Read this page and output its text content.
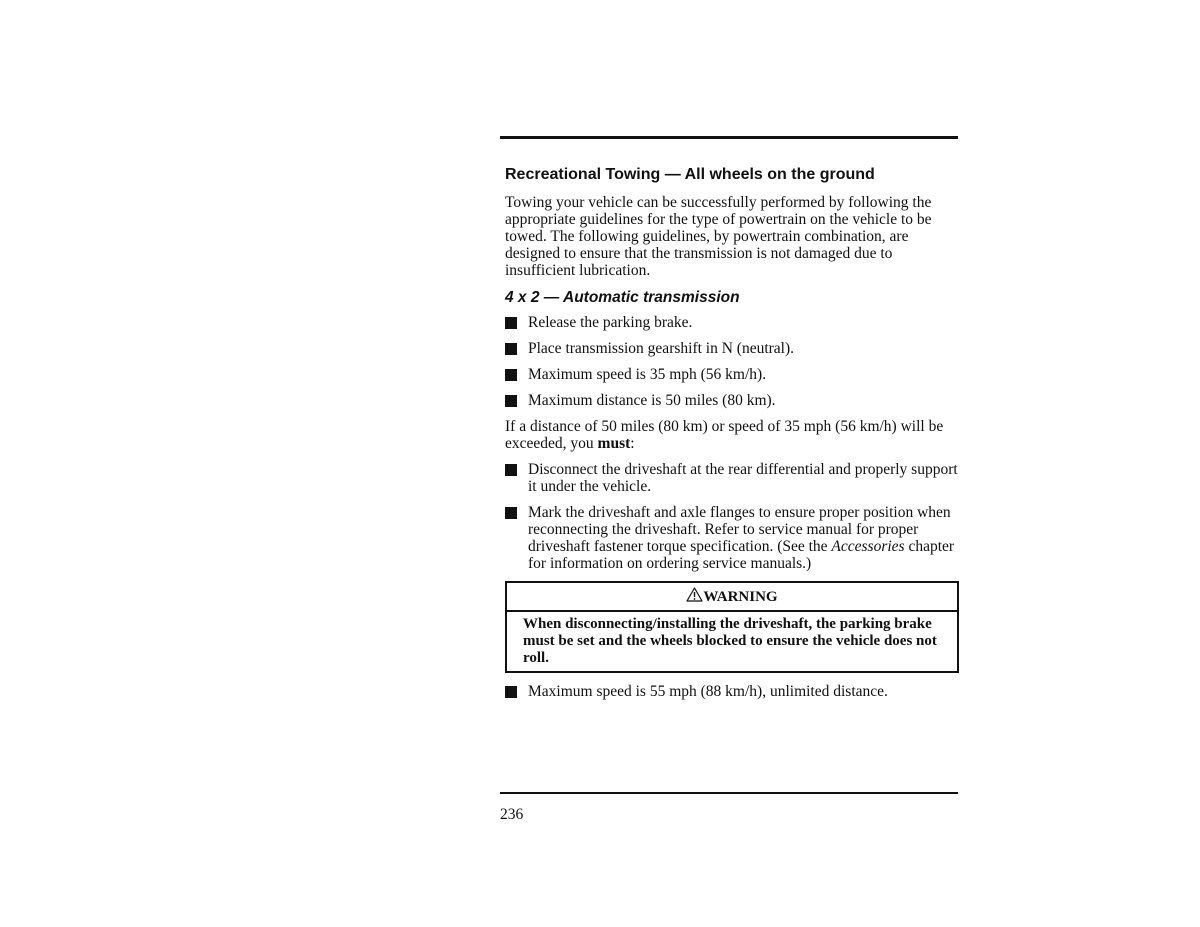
Recreational Towing — All wheels on the ground

Towing your vehicle can be successfully performed by following the appropriate guidelines for the type of powertrain on the vehicle to be towed. The following guidelines, by powertrain combination, are designed to ensure that the transmission is not damaged due to insufficient lubrication.

4 x 2 — Automatic transmission
Release the parking brake.
Place transmission gearshift in N (neutral).
Maximum speed is 35 mph (56 km/h).
Maximum distance is 50 miles (80 km).

If a distance of 50 miles (80 km) or speed of 35 mph (56 km/h) will be exceeded, you must:

Disconnect the driveshaft at the rear differential and properly support it under the vehicle.
Mark the driveshaft and axle flanges to ensure proper position when reconnecting the driveshaft. Refer to service manual for proper driveshaft fastener torque specification. (See the Accessories chapter for information on ordering service manuals.)
WARNING
When disconnecting/installing the driveshaft, the parking brake must be set and the wheels blocked to ensure the vehicle does not roll.
Maximum speed is 55 mph (88 km/h), unlimited distance.
236
